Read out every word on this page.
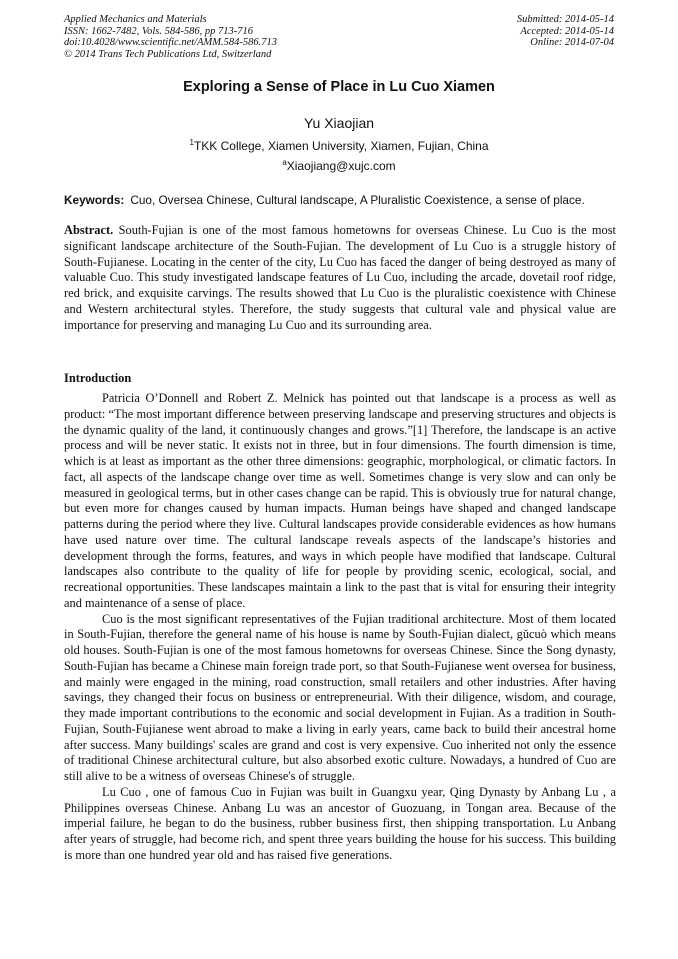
Applied Mechanics and Materials
ISSN: 1662-7482, Vols. 584-586, pp 713-716
doi:10.4028/www.scientific.net/AMM.584-586.713
© 2014 Trans Tech Publications Ltd, Switzerland
Submitted: 2014-05-14
Accepted: 2014-05-14
Online: 2014-07-04
Exploring a Sense of Place in Lu Cuo Xiamen
Yu Xiaojian
$^1$TKK College, Xiamen University, Xiamen, Fujian, China
$^a$Xiaojiang@xujc.com
Keywords: Cuo, Oversea Chinese, Cultural landscape, A Pluralistic Coexistence, a sense of place.

Abstract. South-Fujian is one of the most famous hometowns for overseas Chinese. Lu Cuo is the most significant landscape architecture of the South-Fujian. The development of Lu Cuo is a struggle history of South-Fujianese. Locating in the center of the city, Lu Cuo has faced the danger of being destroyed as many of valuable Cuo. This study investigated landscape features of Lu Cuo, including the arcade, dovetail roof ridge, red brick, and exquisite carvings. The results showed that Lu Cuo is the pluralistic coexistence with Chinese and Western architectural styles. Therefore, the study suggests that cultural vale and physical value are importance for preserving and managing Lu Cuo and its surrounding area.

Introduction

Patricia O’Donnell and Robert Z. Melnick has pointed out that landscape is a process as well as product: “The most important difference between preserving landscape and preserving structures and objects is the dynamic quality of the land, it continuously changes and grows.”[1] Therefore, the landscape is an active process and will be never static. It exists not in three, but in four dimensions. The fourth dimension is time, which is at least as important as the other three dimensions: geographic, morphological, or climatic factors. In fact, all aspects of the landscape change over time as well. Sometimes change is very slow and can only be measured in geological terms, but in other cases change can be rapid. This is obviously true for natural change, but even more for changes caused by human impacts. Human beings have shaped and changed landscape patterns during the period where they live. Cultural landscapes provide considerable evidences as how humans have used nature over time. The cultural landscape reveals aspects of the landscape’s histories and development through the forms, features, and ways in which people have modified that landscape. Cultural landscapes also contribute to the quality of life for people by providing scenic, ecological, social, and recreational opportunities. These landscapes maintain a link to the past that is vital for ensuring their integrity and maintenance of a sense of place.

Cuo is the most significant representatives of the Fujian traditional architecture. Most of them located in South-Fujian, therefore the general name of his house is name by South-Fujian dialect, gǔcuò which means old houses. South-Fujian is one of the most famous hometowns for overseas Chinese. Since the Song dynasty, South-Fujian has became a Chinese main foreign trade port, so that South-Fujianese went oversea for business, and mainly were engaged in the mining, road construction, small retailers and other industries. After having savings, they changed their focus on business or entrepreneurial. With their diligence, wisdom, and courage, they made important contributions to the economic and social development in Fujian. As a tradition in South-Fujian, South-Fujianese went abroad to make a living in early years, came back to build their ancestral home after success. Many buildings' scales are grand and cost is very expensive. Cuo inherited not only the essence of traditional Chinese architectural culture, but also absorbed exotic culture. Nowadays, a hundred of Cuo are still alive to be a witness of overseas Chinese's of struggle.

Lu Cuo , one of famous Cuo in Fujian was built in Guangxu year, Qing Dynasty by Anbang Lu , a Philippines overseas Chinese. Anbang Lu was an ancestor of Guozuang, in Tongan area. Because of the imperial failure, he began to do the business, rubber business first, then shipping transportation. Lu Anbang after years of struggle, had become rich, and spent three years building the house for his success. This building is more than one hundred year old and has raised five generations.
